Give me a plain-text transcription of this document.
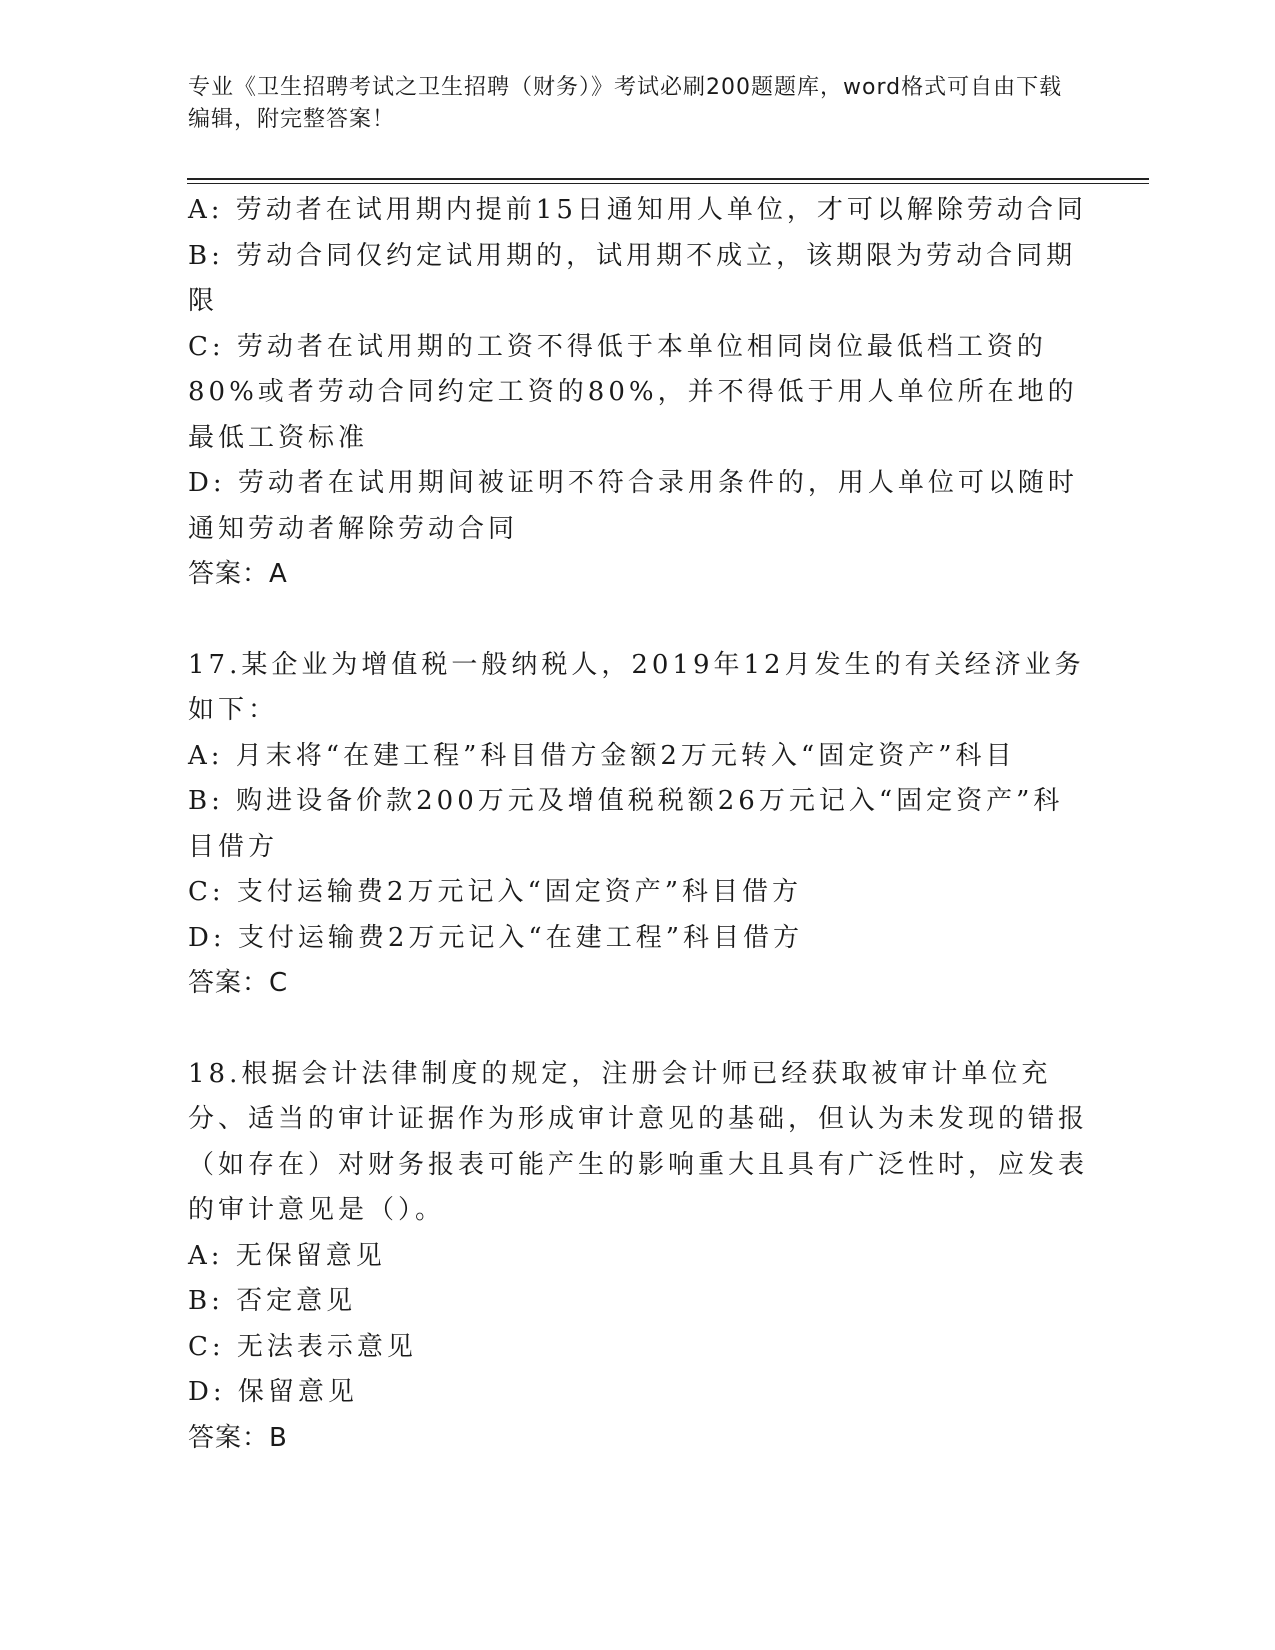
专业《卫生招聘考试之卫生招聘（财务）》考试必刷200题题库，word格式可自由下载编辑，附完整答案！
A: 劳动者在试用期内提前15日通知用人单位，才可以解除劳动合同
B: 劳动合同仅约定试用期的，试用期不成立，该期限为劳动合同期限
C: 劳动者在试用期的工资不得低于本单位相同岗位最低档工资的80%或者劳动合同约定工资的80%，并不得低于用人单位所在地的最低工资标准
D: 劳动者在试用期间被证明不符合录用条件的，用人单位可以随时通知劳动者解除劳动合同
答案：A
17.某企业为增值税一般纳税人，2019年12月发生的有关经济业务如下：
A: 月末将“在建工程”科目借方金额2万元转入“固定资产”科目
B: 购进设备价款200万元及增值税税额26万元记入“固定资产”科目借方
C: 支付运输费2万元记入“固定资产”科目借方
D: 支付运输费2万元记入“在建工程”科目借方
答案：C
18.根据会计法律制度的规定，注册会计师已经获取被审计单位充分、适当的审计证据作为形成审计意见的基础，但认为未发现的错报（如存在）对财务报表可能产生的影响重大且具有广泛性时，应发表的审计意见是（）。
A: 无保留意见
B: 否定意见
C: 无法表示意见
D: 保留意见
答案：B
